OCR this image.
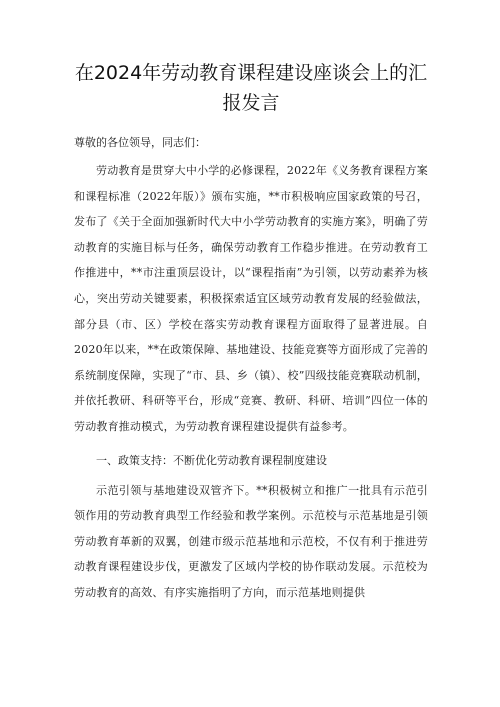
在2024年劳动教育课程建设座谈会上的汇报发言

尊敬的各位领导，同志们：

劳动教育是贯穿大中小学的必修课程，2022年《义务教育课程方案和课程标准（2022年版）》颁布实施，**市积极响应国家政策的号召，发布了《关于全面加强新时代大中小学劳动教育的实施方案》，明确了劳动教育的实施目标与任务，确保劳动教育工作稳步推进。在劳动教育工作推进中，**市注重顶层设计，以“课程指南”为引领，以劳动素养为核心，突出劳动关键要素，积极探索适宜区域劳动教育发展的经验做法，部分县（市、区）学校在落实劳动教育课程方面取得了显著进展。自2020年以来，**在政策保障、基地建设、技能竞赛等方面形成了完善的系统制度保障，实现了“市、县、乡（镇）、校”四级技能竞赛联动机制，并依托教研、科研等平台，形成“竞赛、教研、科研、培训”四位一体的劳动教育推动模式，为劳动教育课程建设提供有益参考。

一、政策支持：不断优化劳动教育课程制度建设

示范引领与基地建设双管齐下。**积极树立和推广一批具有示范引领作用的劳动教育典型工作经验和教学案例。示范校与示范基地是引领劳动教育革新的双翼，创建市级示范基地和示范校，不仅有利于推进劳动教育课程建设步伐，更激发了区域内学校的协作联动发展。示范校为劳动教育的高效、有序实施指明了方向，而示范基地则提供
